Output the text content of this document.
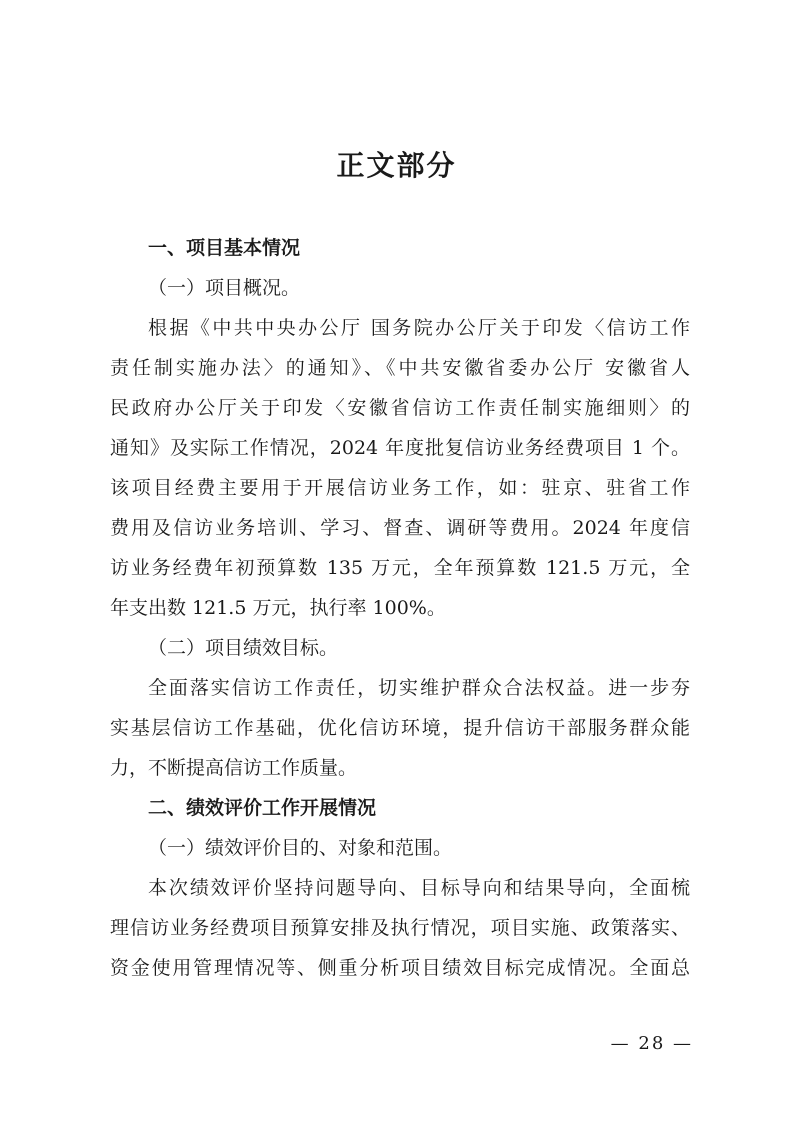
正文部分
一、项目基本情况
（一）项目概况。
根据《中共中央办公厅 国务院办公厅关于印发〈信访工作
责任制实施办法〉的通知》、《中共安徽省委办公厅 安徽省人
民政府办公厅关于印发〈安徽省信访工作责任制实施细则〉的
通知》及实际工作情况，2024 年度批复信访业务经费项目 1 个。
该项目经费主要用于开展信访业务工作，如：驻京、驻省工作
费用及信访业务培训、学习、督查、调研等费用。2024 年度信
访业务经费年初预算数 135 万元，全年预算数 121.5 万元，全
年支出数 121.5 万元，执行率 100%。
（二）项目绩效目标。
全面落实信访工作责任，切实维护群众合法权益。进一步夯
实基层信访工作基础，优化信访环境，提升信访干部服务群众能
力，不断提高信访工作质量。
二、绩效评价工作开展情况
（一）绩效评价目的、对象和范围。
本次绩效评价坚持问题导向、目标导向和结果导向，全面梳
理信访业务经费项目预算安排及执行情况，项目实施、政策落实、
资金使用管理情况等、侧重分析项目绩效目标完成情况。全面总
— 28 —
